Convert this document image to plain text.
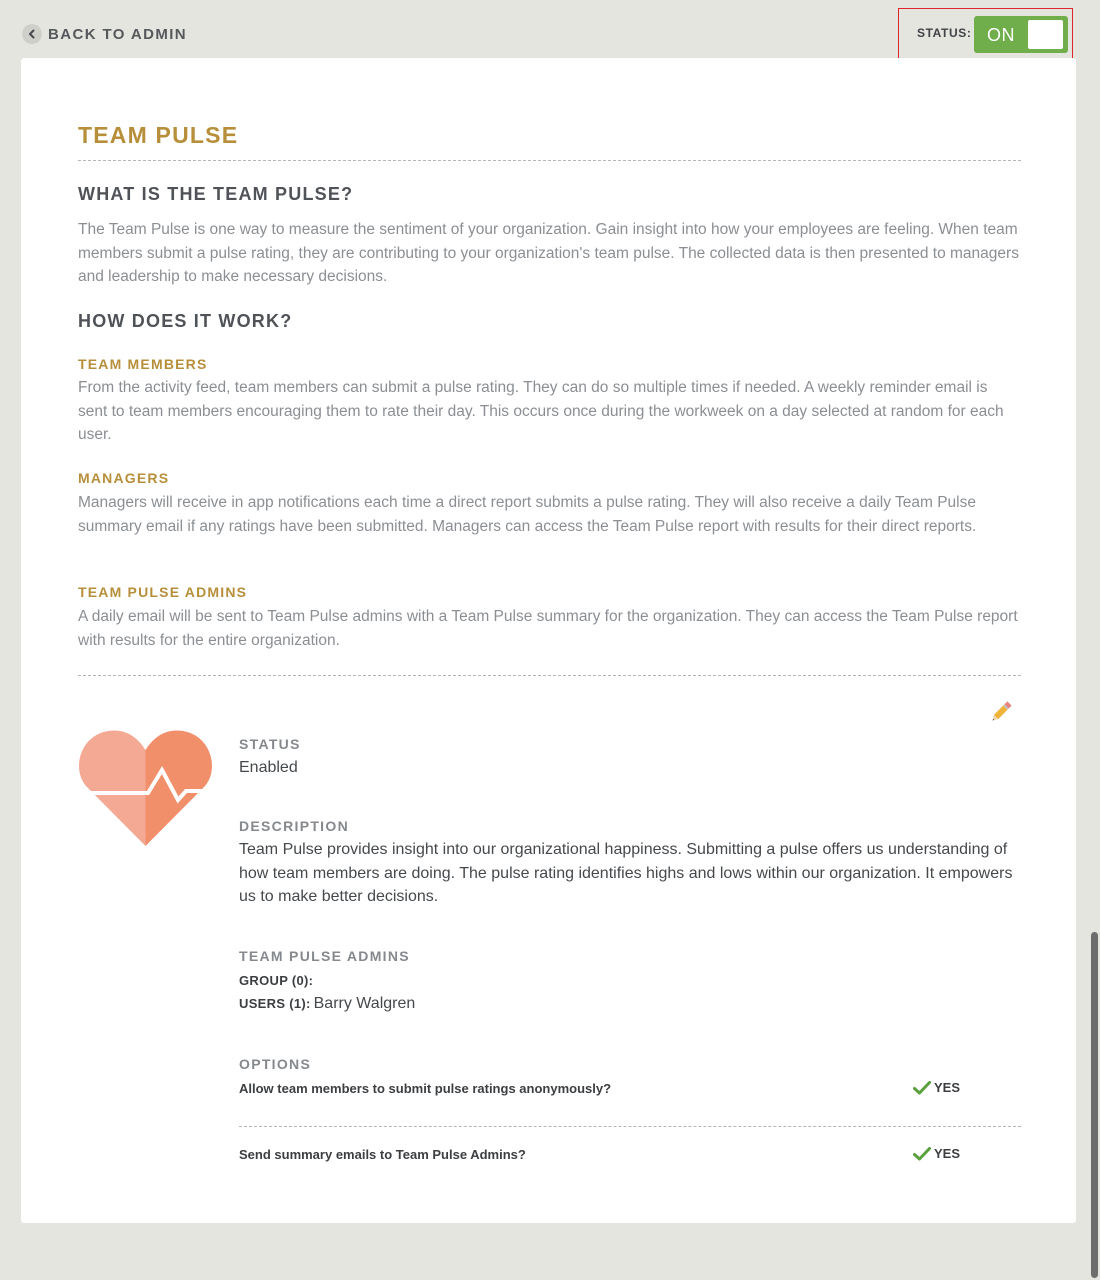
BACK TO ADMIN	STATUS: ON
TEAM PULSE
WHAT IS THE TEAM PULSE?

The Team Pulse is one way to measure the sentiment of your organization. Gain insight into how your employees are feeling. When team members submit a pulse rating, they are contributing to your organization's team pulse. The collected data is then presented to managers and leadership to make necessary decisions.

HOW DOES IT WORK?
TEAM MEMBERS

From the activity feed, team members can submit a pulse rating. They can do so multiple times if needed. A weekly reminder email is sent to team members encouraging them to rate their day. This occurs once during the workweek on a day selected at random for each user.

MANAGERS

Managers will receive in app notifications each time a direct report submits a pulse rating. They will also receive a daily Team Pulse summary email if any ratings have been submitted. Managers can access the Team Pulse report with results for their direct reports.

TEAM PULSE ADMINS

A daily email will be sent to Team Pulse admins with a Team Pulse summary for the organization. They can access the Team Pulse report with results for the entire organization.

STATUS
Enabled
DESCRIPTION
Team Pulse provides insight into our organizational happiness. Submitting a pulse offers us understanding of how team members are doing. The pulse rating identifies highs and lows within our organization. It empowers us to make better decisions.
TEAM PULSE ADMINS
GROUP (0):
USERS (1): Barry Walgren
OPTIONS
Allow team members to submit pulse ratings anonymously?	YES
Send summary emails to Team Pulse Admins?	YES
